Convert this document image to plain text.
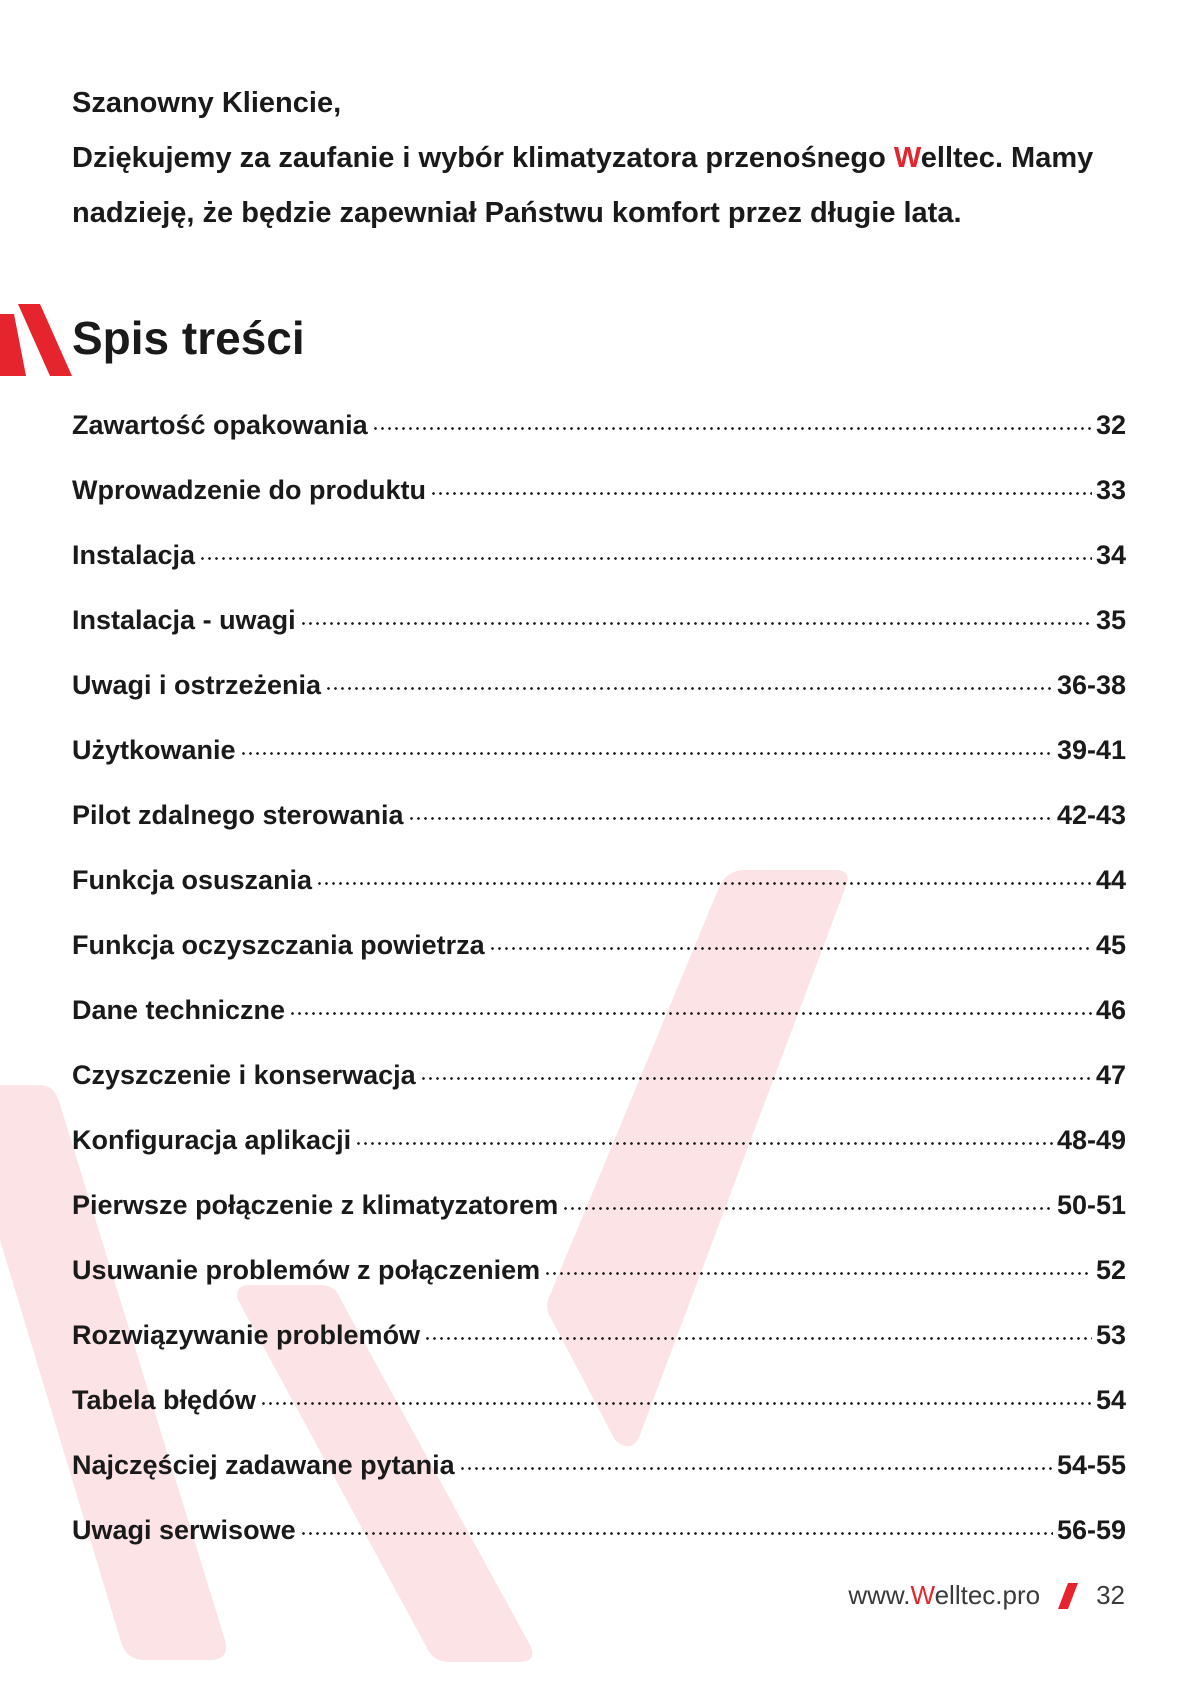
Szanowny Kliencie,

Dziękujemy za zaufanie i wybór klimatyzatora przenośnego Welltec. Mamy nadzieję, że będzie zapewniał Państwu komfort przez długie lata.

Spis treści
Zawartość opakowania	32
Wprowadzenie do produktu	33
Instalacja	34
Instalacja - uwagi	35
Uwagi i ostrzeżenia	36-38
Użytkowanie	39-41
Pilot zdalnego sterowania	42-43
Funkcja osuszania	44
Funkcja oczyszczania powietrza	45
Dane techniczne	46
Czyszczenie i konserwacja	47
Konfiguracja aplikacji	48-49
Pierwsze połączenie z klimatyzatorem	50-51
Usuwanie problemów z połączeniem	52
Rozwiązywanie problemów	53
Tabela błędów	54
Najczęściej zadawane pytania	54-55
Uwagi serwisowe	56-59
www.Welltec.pro 32
